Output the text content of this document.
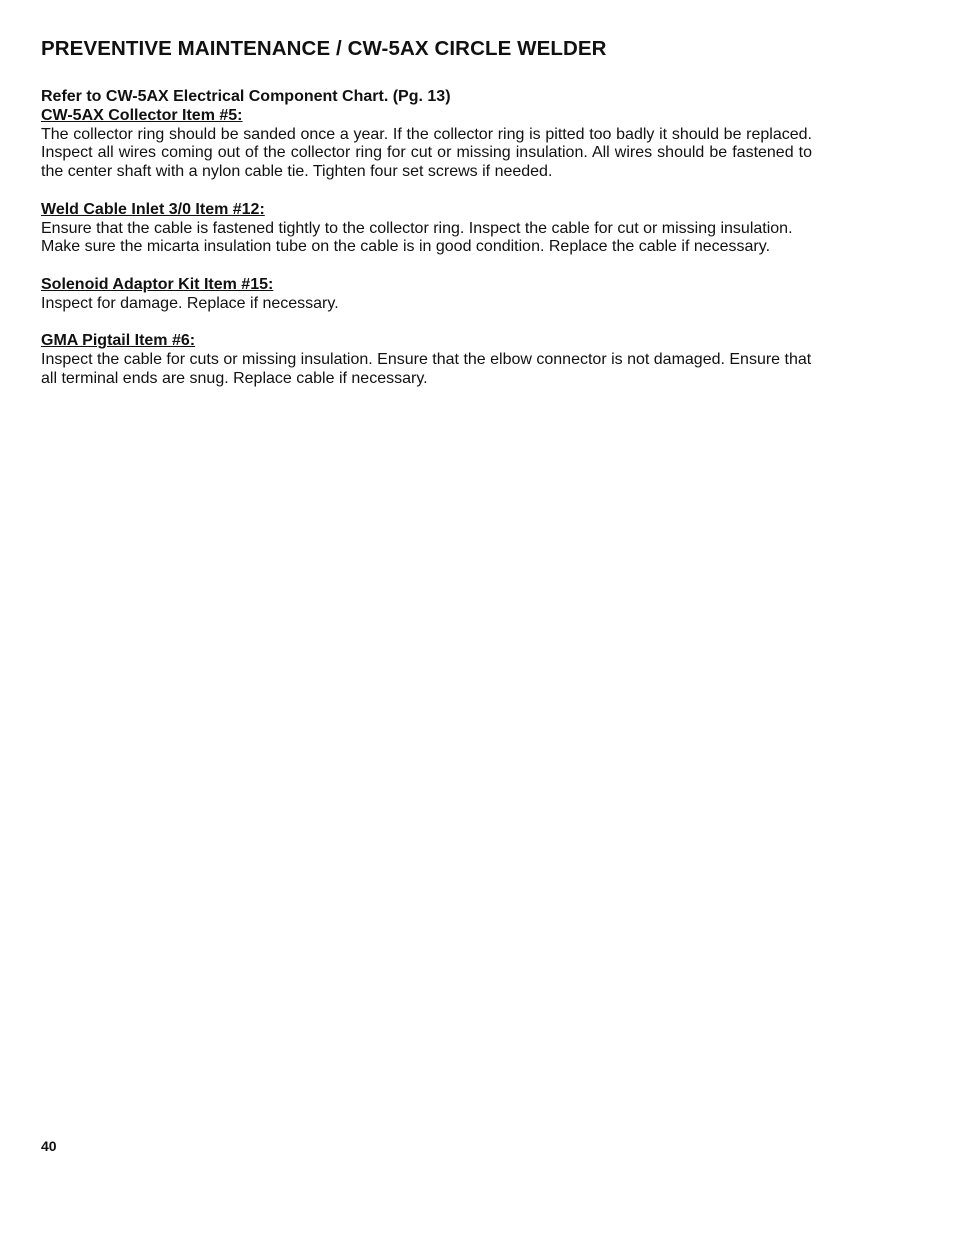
PREVENTIVE MAINTENANCE / CW-5AX CIRCLE WELDER

Refer to CW-5AX Electrical Component Chart. (Pg. 13)

CW-5AX Collector Item #5:

The collector ring should be sanded once a year. If the collector ring is pitted too badly it should be replaced. Inspect all wires coming out of the collector ring for cut or missing insulation. All wires should be fastened to the center shaft with a nylon cable tie. Tighten four set screws if needed.

Weld Cable Inlet 3/0 Item #12:

Ensure that the cable is fastened tightly to the collector ring. Inspect the cable for cut or missing insulation. Make sure the micarta insulation tube on the cable is in good condition. Replace the cable if necessary.

Solenoid Adaptor Kit Item #15:

Inspect for damage. Replace if necessary.

GMA Pigtail Item #6:

Inspect the cable for cuts or missing insulation. Ensure that the elbow connector is not damaged. Ensure that all terminal ends are snug. Replace cable if necessary.

40
